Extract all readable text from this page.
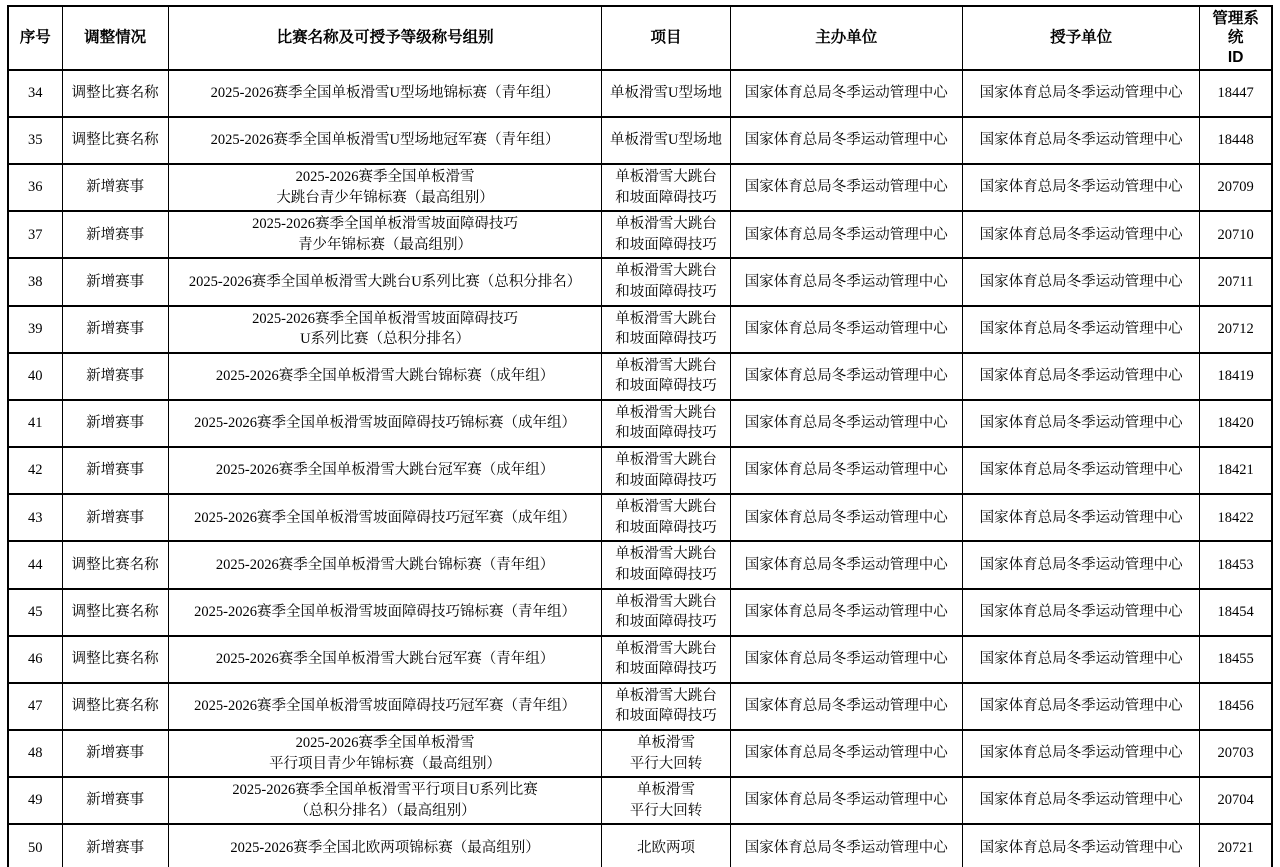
序号	调整情况	比赛名称及可授予等级称号组别	项目	主办单位	授予单位	管理系统
ID
34	调整比赛名称	2025-2026赛季全国单板滑雪U型场地锦标赛（青年组）	单板滑雪U型场地	国家体育总局冬季运动管理中心	国家体育总局冬季运动管理中心	18447
35	调整比赛名称	2025-2026赛季全国单板滑雪U型场地冠军赛（青年组）	单板滑雪U型场地	国家体育总局冬季运动管理中心	国家体育总局冬季运动管理中心	18448
36	新增赛事	2025-2026赛季全国单板滑雪
大跳台青少年锦标赛（最高组别）	单板滑雪大跳台
和坡面障碍技巧	国家体育总局冬季运动管理中心	国家体育总局冬季运动管理中心	20709
37	新增赛事	2025-2026赛季全国单板滑雪坡面障碍技巧
青少年锦标赛（最高组别）	单板滑雪大跳台
和坡面障碍技巧	国家体育总局冬季运动管理中心	国家体育总局冬季运动管理中心	20710
38	新增赛事	2025-2026赛季全国单板滑雪大跳台U系列比赛（总积分排名）	单板滑雪大跳台
和坡面障碍技巧	国家体育总局冬季运动管理中心	国家体育总局冬季运动管理中心	20711
39	新增赛事	2025-2026赛季全国单板滑雪坡面障碍技巧
U系列比赛（总积分排名）	单板滑雪大跳台
和坡面障碍技巧	国家体育总局冬季运动管理中心	国家体育总局冬季运动管理中心	20712
40	新增赛事	2025-2026赛季全国单板滑雪大跳台锦标赛（成年组）	单板滑雪大跳台
和坡面障碍技巧	国家体育总局冬季运动管理中心	国家体育总局冬季运动管理中心	18419
41	新增赛事	2025-2026赛季全国单板滑雪坡面障碍技巧锦标赛（成年组）	单板滑雪大跳台
和坡面障碍技巧	国家体育总局冬季运动管理中心	国家体育总局冬季运动管理中心	18420
42	新增赛事	2025-2026赛季全国单板滑雪大跳台冠军赛（成年组）	单板滑雪大跳台
和坡面障碍技巧	国家体育总局冬季运动管理中心	国家体育总局冬季运动管理中心	18421
43	新增赛事	2025-2026赛季全国单板滑雪坡面障碍技巧冠军赛（成年组）	单板滑雪大跳台
和坡面障碍技巧	国家体育总局冬季运动管理中心	国家体育总局冬季运动管理中心	18422
44	调整比赛名称	2025-2026赛季全国单板滑雪大跳台锦标赛（青年组）	单板滑雪大跳台
和坡面障碍技巧	国家体育总局冬季运动管理中心	国家体育总局冬季运动管理中心	18453
45	调整比赛名称	2025-2026赛季全国单板滑雪坡面障碍技巧锦标赛（青年组）	单板滑雪大跳台
和坡面障碍技巧	国家体育总局冬季运动管理中心	国家体育总局冬季运动管理中心	18454
46	调整比赛名称	2025-2026赛季全国单板滑雪大跳台冠军赛（青年组）	单板滑雪大跳台
和坡面障碍技巧	国家体育总局冬季运动管理中心	国家体育总局冬季运动管理中心	18455
47	调整比赛名称	2025-2026赛季全国单板滑雪坡面障碍技巧冠军赛（青年组）	单板滑雪大跳台
和坡面障碍技巧	国家体育总局冬季运动管理中心	国家体育总局冬季运动管理中心	18456
48	新增赛事	2025-2026赛季全国单板滑雪
平行项目青少年锦标赛（最高组别）	单板滑雪
平行大回转	国家体育总局冬季运动管理中心	国家体育总局冬季运动管理中心	20703
49	新增赛事	2025-2026赛季全国单板滑雪平行项目U系列比赛
（总积分排名）（最高组别）	单板滑雪
平行大回转	国家体育总局冬季运动管理中心	国家体育总局冬季运动管理中心	20704
50	新增赛事	2025-2026赛季全国北欧两项锦标赛（最高组别）	北欧两项	国家体育总局冬季运动管理中心	国家体育总局冬季运动管理中心	20721
